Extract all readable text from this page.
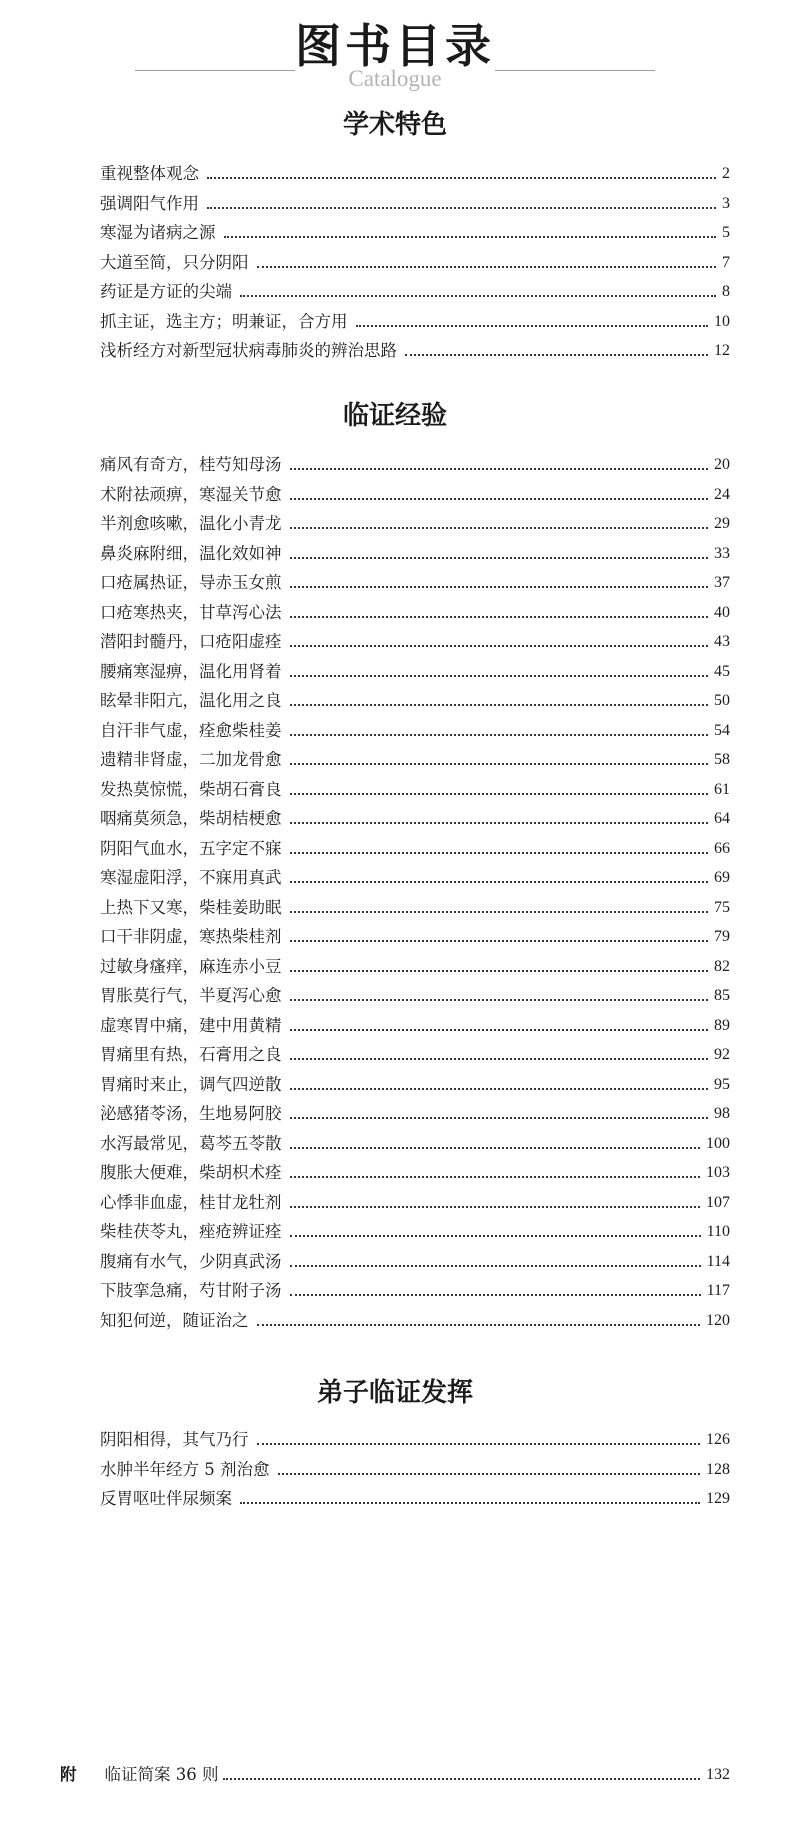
图书目录
Catalogue
学术特色
重视整体观念	2
强调阳气作用	3
寒湿为诸病之源	5
大道至简，只分阴阳	7
药证是方证的尖端	8
抓主证，选主方；明兼证，合方用	10
浅析经方对新型冠状病毒肺炎的辨治思路	12
临证经验
痛风有奇方，桂芍知母汤	20
术附祛顽痹，寒湿关节愈	24
半剂愈咳嗽，温化小青龙	29
鼻炎麻附细，温化效如神	33
口疮属热证，导赤玉女煎	37
口疮寒热夹，甘草泻心法	40
潜阳封髓丹，口疮阳虚痊	43
腰痛寒湿痹，温化用肾着	45
眩晕非阳亢，温化用之良	50
自汗非气虚，痊愈柴桂姜	54
遗精非肾虚，二加龙骨愈	58
发热莫惊慌，柴胡石膏良	61
咽痛莫须急，柴胡桔梗愈	64
阴阳气血水，五字定不寐	66
寒湿虚阳浮，不寐用真武	69
上热下又寒，柴桂姜助眠	75
口干非阴虚，寒热柴桂剂	79
过敏身瘙痒，麻连赤小豆	82
胃胀莫行气，半夏泻心愈	85
虚寒胃中痛，建中用黄精	89
胃痛里有热，石膏用之良	92
胃痛时来止，调气四逆散	95
泌感猪苓汤，生地易阿胶	98
水泻最常见，葛芩五苓散	100
腹胀大便难，柴胡枳术痊	103
心悸非血虚，桂甘龙牡剂	107
柴桂茯苓丸，痤疮辨证痊	110
腹痛有水气，少阴真武汤	114
下肢挛急痛，芍甘附子汤	117
知犯何逆，随证治之	120
弟子临证发挥
阴阳相得，其气乃行	126
水肿半年经方 5 剂治愈	128
反胃呕吐伴尿频案	129
附 临证简案 36 则	132
